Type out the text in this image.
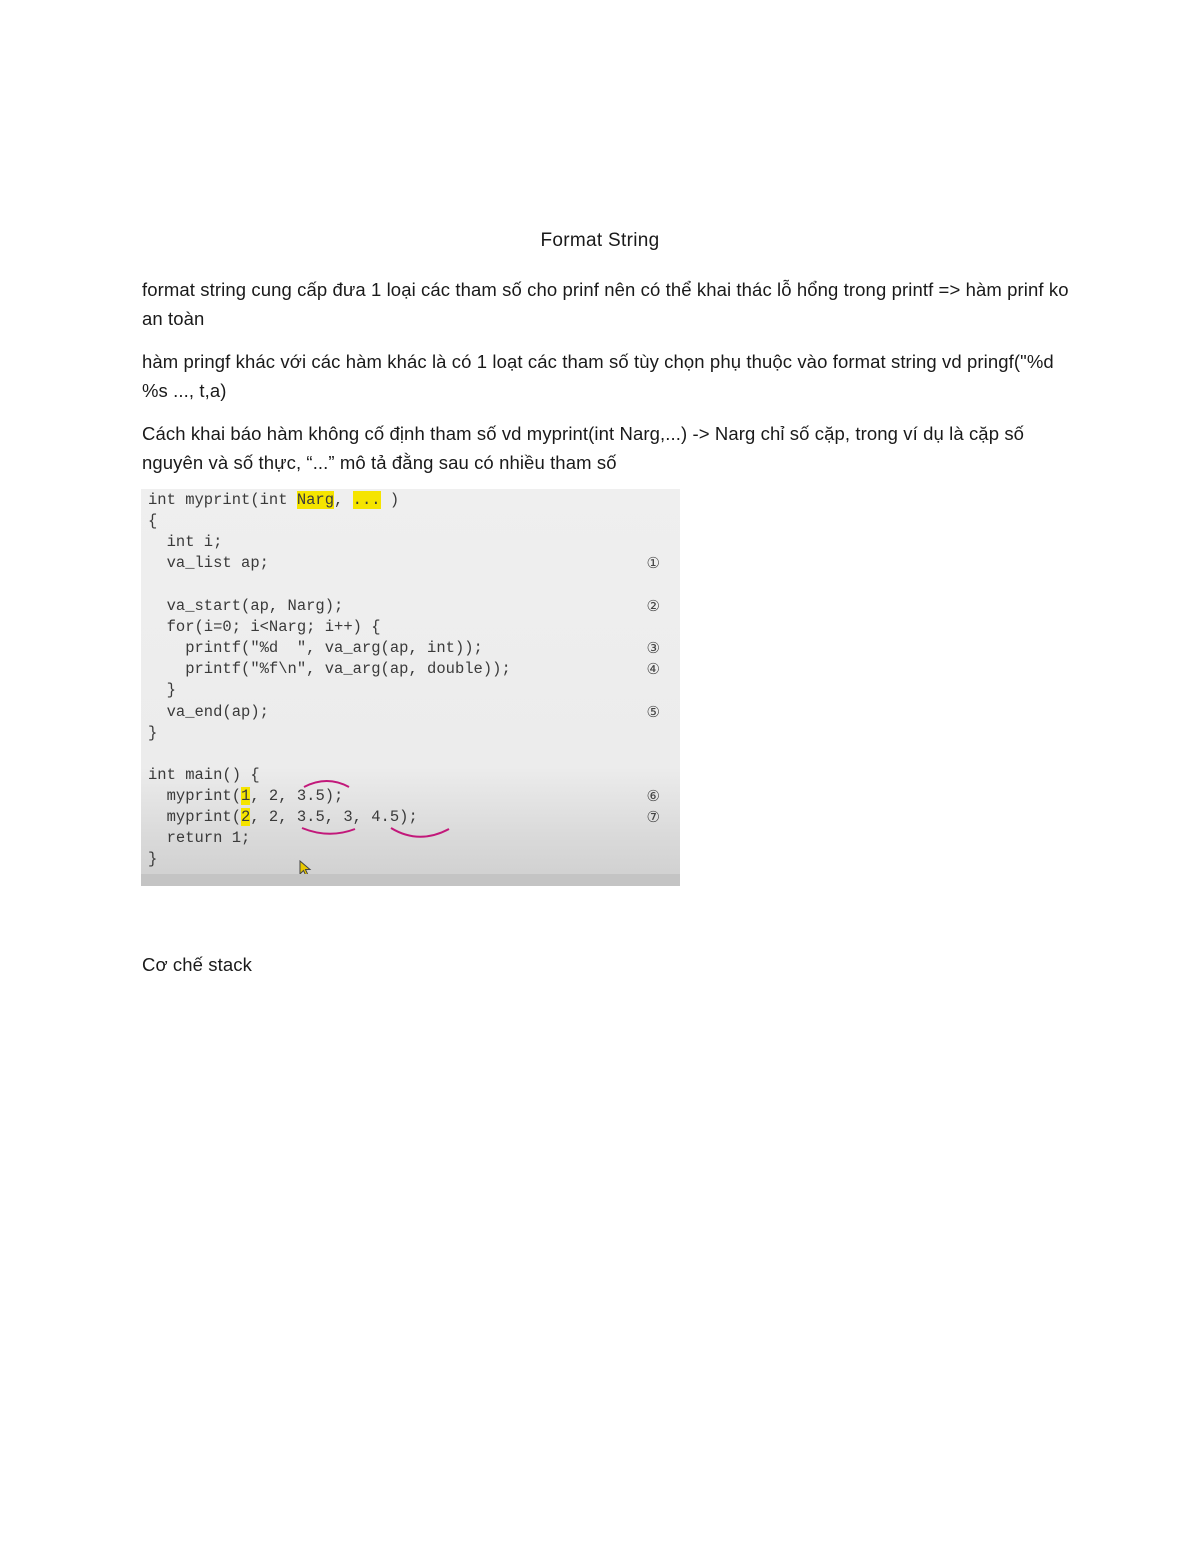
Format String
format string cung cấp đưa 1 loại các tham số cho prinf nên có thể khai thác lỗ hổng trong printf => hàm prinf ko an toàn
hàm pringf khác với các hàm khác là có 1 loạt các tham số tùy chọn phụ thuộc vào format string vd pringf("%d %s ..., t,a)
Cách khai báo hàm không cố định tham số vd myprint(int Narg,...) -> Narg chỉ số cặp, trong ví dụ là cặp số nguyên và số thực, “...” mô tả đằng sau có nhiều tham số
int myprint(int Narg, ... )
{
int i;
va_list ap;
va_start(ap, Narg);
for(i=0; i<Narg; i++) {
printf("%d  ", va_arg(ap, int));
printf("%f\n", va_arg(ap, double));
}
va_end(ap);
}
int main() {
myprint(1, 2, 3.5);
myprint(2, 2, 3.5, 3, 4.5);
return 1;
}
①
②
③
④
⑤
⑥
⑦
Cơ chế stack
